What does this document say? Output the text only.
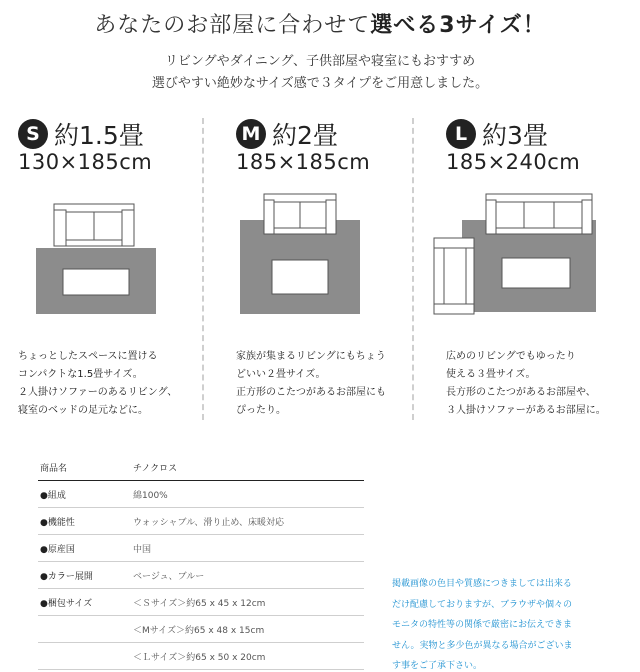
あなたのお部屋に合わせて選べる3サイズ！
リビングやダイニング、子供部屋や寝室にもおすすめ
選びやすい絶妙なサイズ感で３タイプをご用意しました。
S 約1.5畳
130×185cm
ちょっとしたスペースに置ける
コンパクトな1.5畳サイズ。
２人掛けソファーのあるリビング、
寝室のベッドの足元などに。
M 約2畳
185×185cm
家族が集まるリビングにもちょう
どいい２畳サイズ。
正方形のこたつがあるお部屋にも
ぴったり。
L 約3畳
185×240cm
広めのリビングでもゆったり
使える３畳サイズ。
長方形のこたつがあるお部屋や、
３人掛けソファーがあるお部屋に。
商品名	チノクロス
●組成	綿100%
●機能性	ウォッシャブル、滑り止め、床暖対応
●原産国	中国
●カラー展開	ベージュ、ブルー
●梱包サイズ	＜Ｓサイズ＞約65 x 45 x 12cm
＜Mサイズ＞約65 x 48 x 15cm
＜Ｌサイズ＞約65 x 50 x 20cm
掲載画像の色目や質感につきましては出来る
だけ配慮しておりますが、ブラウザや個々の
モニタの特性等の関係で厳密にお伝えできま
せん。実物と多少色が異なる場合がございま
す事をご了承下さい。
